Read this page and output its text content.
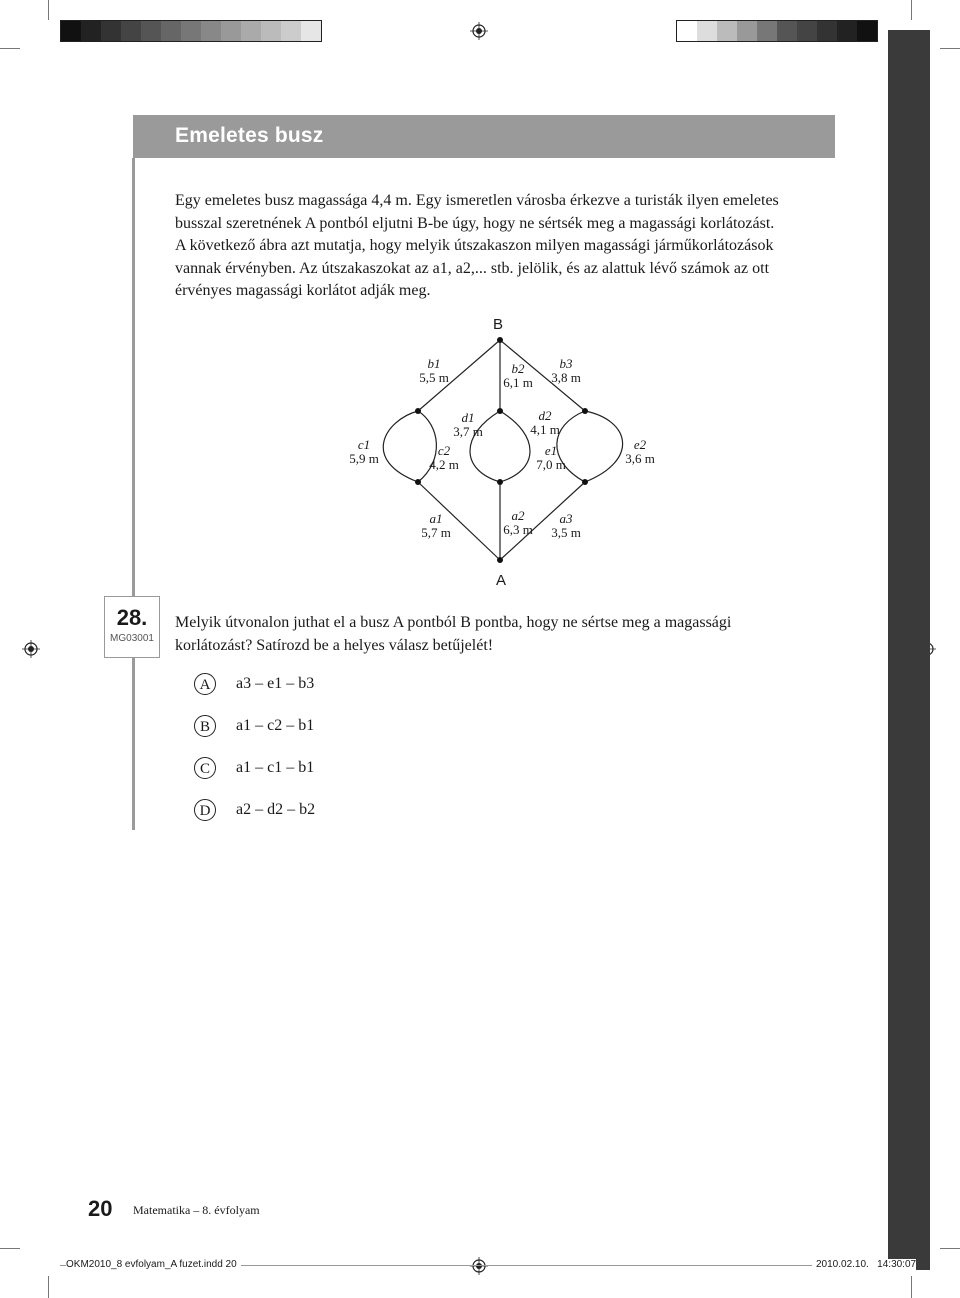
Emeletes busz
Egy emeletes busz magassága 4,4 m. Egy ismeretlen városba érkezve a turisták ilyen emeletes
busszal szeretnének A pontból eljutni B-be úgy, hogy ne sértsék meg a magassági korlátozást.
A következő ábra azt mutatja, hogy melyik útszakaszon milyen magassági járműkorlátozások
vannak érvényben. Az útszakaszokat az a1, a2,... stb. jelölik, és az alattuk lévő számok az ott
érvényes magassági korlátot adják meg.
B
A
b1
5,5 m
b2
6,1 m
b3
3,8 m
d1
3,7 m
d2
4,1 m
c1
5,9 m
c2
4,2 m
e1
7,0 m
e2
3,6 m
a1
5,7 m
a2
6,3 m
a3
3,5 m
28.
MG03001
Melyik útvonalon juthat el a busz A pontból B pontba, hogy ne sértse meg a magassági
korlátozást? Satírozd be a helyes válasz betűjelét!
A	a3 – e1 – b3
B	a1 – c2 – b1
C	a1 – c1 – b1
D	a2 – d2 – b2
20 Matematika – 8. évfolyam
OKM2010_8 evfolyam_A fuzet.indd 20	2010.02.10.   14:30:07
